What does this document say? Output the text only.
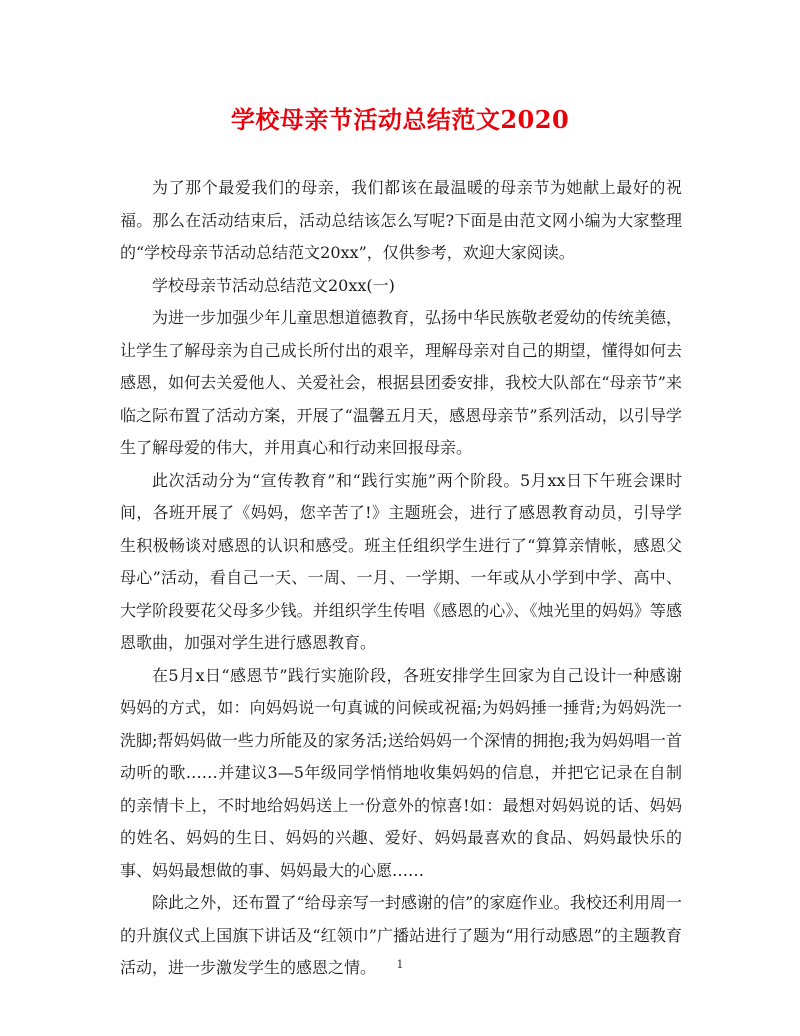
学校母亲节活动总结范文2020

为了那个最爱我们的母亲，我们都该在最温暖的母亲节为她献上最好的祝福。那么在活动结束后，活动总结该怎么写呢?下面是由范文网小编为大家整理的“学校母亲节活动总结范文20xx”，仅供参考，欢迎大家阅读。

学校母亲节活动总结范文20xx(一)

为进一步加强少年儿童思想道德教育，弘扬中华民族敬老爱幼的传统美德，让学生了解母亲为自己成长所付出的艰辛，理解母亲对自己的期望，懂得如何去感恩，如何去关爱他人、关爱社会，根据县团委安排，我校大队部在“母亲节”来临之际布置了活动方案，开展了“温馨五月天，感恩母亲节”系列活动，以引导学生了解母爱的伟大，并用真心和行动来回报母亲。

此次活动分为“宣传教育”和“践行实施”两个阶段。5月xx日下午班会课时间，各班开展了《妈妈，您辛苦了!》主题班会，进行了感恩教育动员，引导学生积极畅谈对感恩的认识和感受。班主任组织学生进行了“算算亲情帐，感恩父母心”活动，看自己一天、一周、一月、一学期、一年或从小学到中学、高中、大学阶段要花父母多少钱。并组织学生传唱《感恩的心》、《烛光里的妈妈》等感恩歌曲，加强对学生进行感恩教育。

在5月x日“感恩节”践行实施阶段，各班安排学生回家为自己设计一种感谢妈妈的方式，如：向妈妈说一句真诚的问候或祝福;为妈妈捶一捶背;为妈妈洗一洗脚;帮妈妈做一些力所能及的家务活;送给妈妈一个深情的拥抱;我为妈妈唱一首动听的歌……并建议3—5年级同学悄悄地收集妈妈的信息，并把它记录在自制的亲情卡上，不时地给妈妈送上一份意外的惊喜!如：最想对妈妈说的话、妈妈的姓名、妈妈的生日、妈妈的兴趣、爱好、妈妈最喜欢的食品、妈妈最快乐的事、妈妈最想做的事、妈妈最大的心愿……

除此之外，还布置了“给母亲写一封感谢的信”的家庭作业。我校还利用周一的升旗仪式上国旗下讲话及“红领巾”广播站进行了题为“用行动感恩”的主题教育活动，进一步激发学生的感恩之情。	1
